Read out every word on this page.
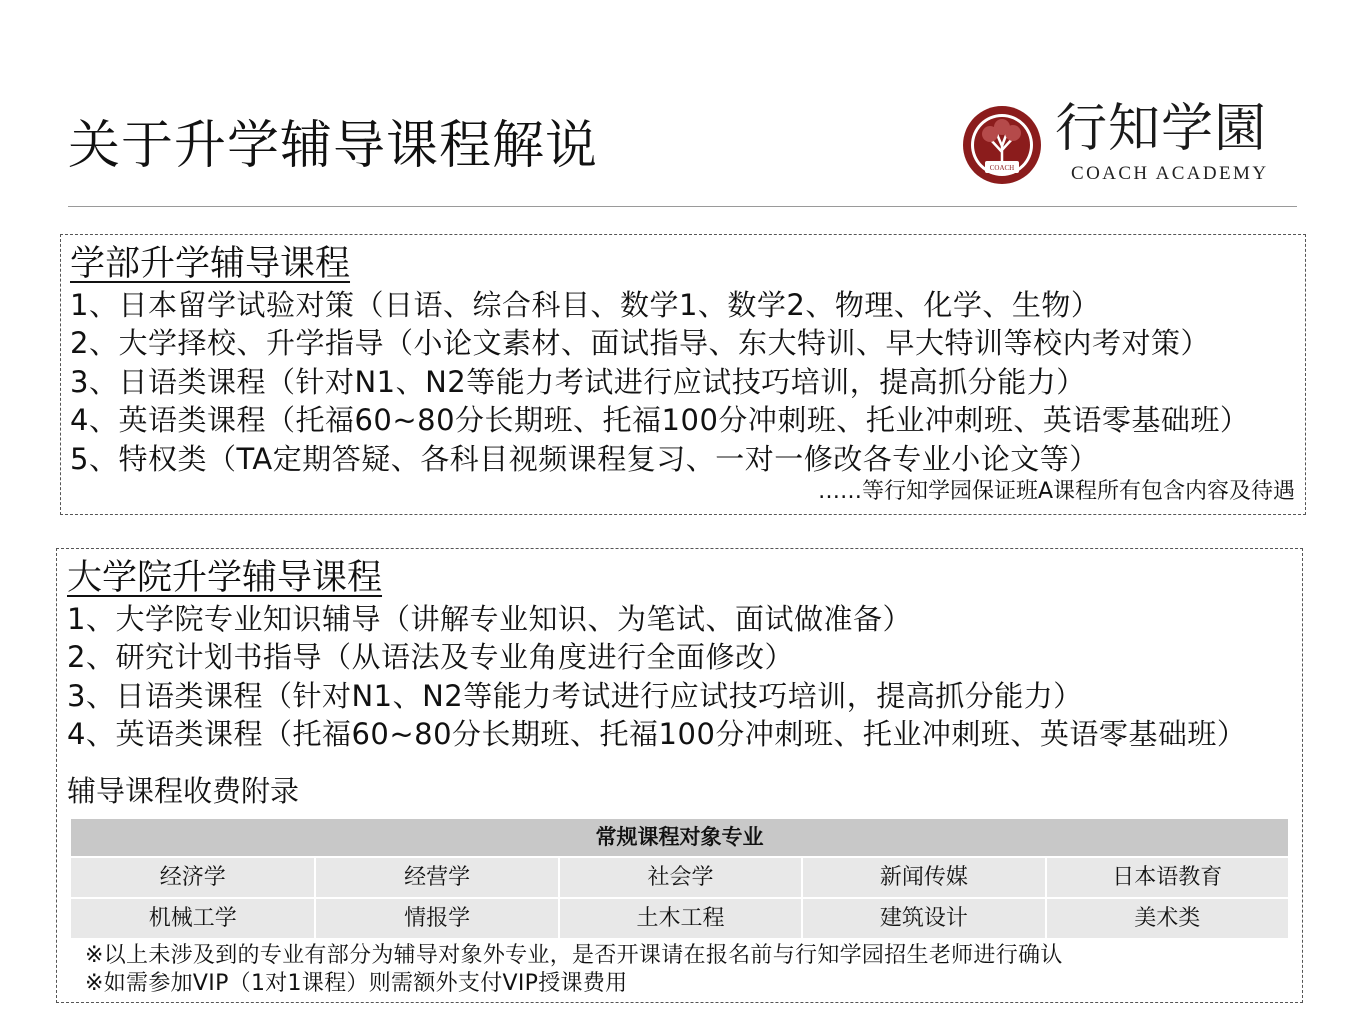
关于升学辅导课程解说	COACH
行知学園
COACH ACADEMY
学部升学辅导课程
1、日本留学试验对策（日语、综合科目、数学1、数学2、物理、化学、生物）
2、大学择校、升学指导（小论文素材、面试指导、东大特训、早大特训等校内考对策）
3、日语类课程（针对N1、N2等能力考试进行应试技巧培训，提高抓分能力）
4、英语类课程（托福60~80分长期班、托福100分冲刺班、托业冲刺班、英语零基础班）
5、特权类（TA定期答疑、各科目视频课程复习、一对一修改各专业小论文等）
……等行知学园保证班A课程所有包含内容及待遇
大学院升学辅导课程
1、大学院专业知识辅导（讲解专业知识、为笔试、面试做准备）
2、研究计划书指导（从语法及专业角度进行全面修改）
3、日语类课程（针对N1、N2等能力考试进行应试技巧培训，提高抓分能力）
4、英语类课程（托福60~80分长期班、托福100分冲刺班、托业冲刺班、英语零基础班）
辅导课程收费附录
常规课程对象专业				
经济学	经营学	社会学	新闻传媒	日本语教育
机械工学	情报学	土木工程	建筑设计	美术类
※以上未涉及到的专业有部分为辅导对象外专业，是否开课请在报名前与行知学园招生老师进行确认
※如需参加VIP（1对1课程）则需额外支付VIP授课费用
